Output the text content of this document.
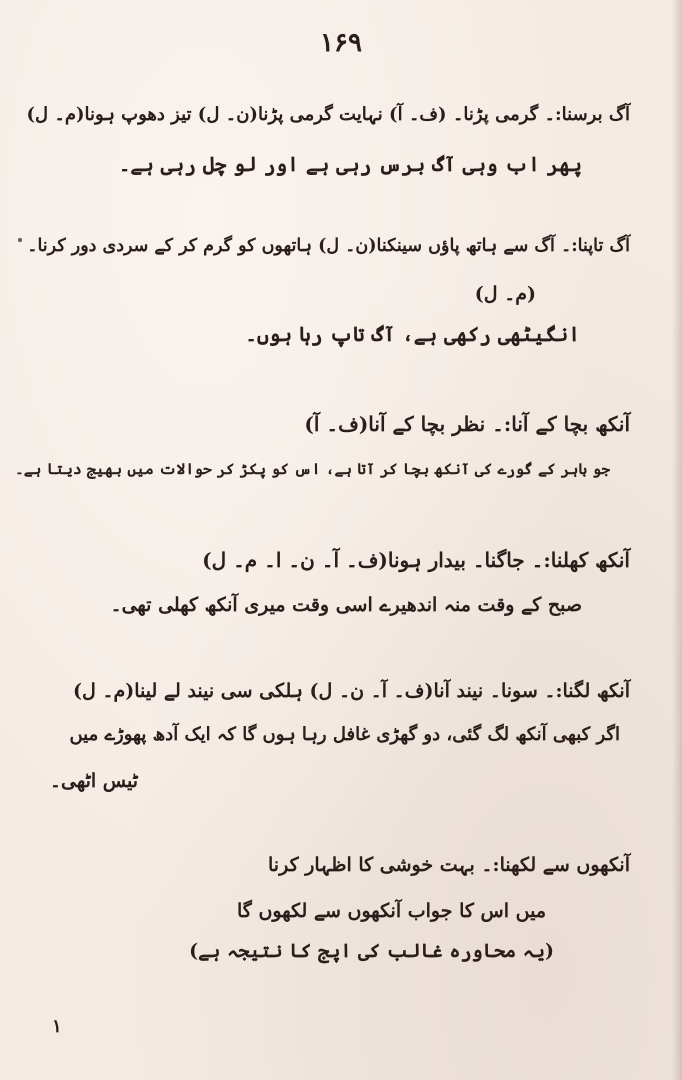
۱۶۹
آگ برسنا:۔ گرمی پڑنا۔ (ف۔ آ) نہایت گرمی پڑنا(ن۔ ل) تیز دھوپ ہونا(م۔ ل)
پھر اب وہی آگ برس رہی ہے اور لو چل رہی ہے۔
آگ تاپنا:۔ آگ سے ہاتھ پاؤں سینکنا(ن۔ ل) ہاتھوں کو گرم کر کے سردی دور کرنا۔
(م۔ ل)
انگیٹھی رکھی ہے، آگ تاپ رہا ہوں۔
آنکھ بچا کے آنا:۔ نظر بچا کے آنا(ف۔ آ)
جو باہر کے گورے کی آنکھ بچا کر آتا ہے، اس کو پکڑ کر حوالات میں بھیج دیتا ہے۔
آنکھ کھلنا:۔ جاگنا۔ بیدار ہونا(ف۔ آ۔ ن۔ ا۔ م۔ ل)
صبح کے وقت منہ اندھیرے اسی وقت میری آنکھ کھلی تھی۔
آنکھ لگنا:۔ سونا۔ نیند آنا(ف۔ آ۔ ن۔ ل) ہلکی سی نیند لے لینا(م۔ ل)
اگر کبھی آنکھ لگ گئی، دو گھڑی غافل رہا ہوں گا کہ ایک آدھ پھوڑے میں
ٹیس اٹھی۔
آنکھوں سے لکھنا:۔ بہت خوشی کا اظہار کرنا
میں اس کا جواب آنکھوں سے لکھوں گا
(یہ محاورہ غالب کی اپج کا نتیجہ ہے)
۱
